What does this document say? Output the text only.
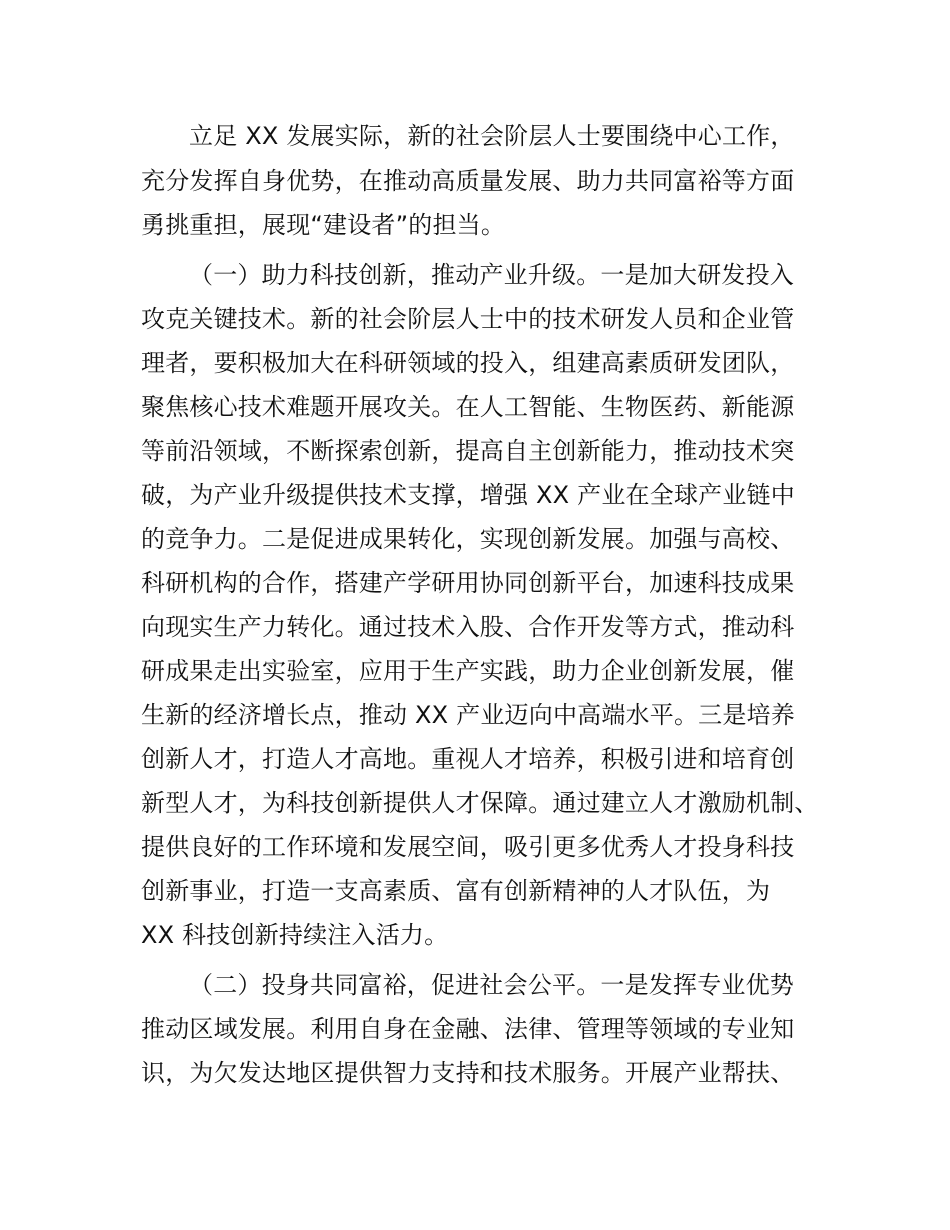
立足 XX 发展实际，新的社会阶层人士要围绕中心工作，
充分发挥自身优势，在推动高质量发展、助力共同富裕等方面
勇挑重担，展现“建设者”的担当。
（一）助力科技创新，推动产业升级。一是加大研发投入
攻克关键技术。新的社会阶层人士中的技术研发人员和企业管
理者，要积极加大在科研领域的投入，组建高素质研发团队，
聚焦核心技术难题开展攻关。在人工智能、生物医药、新能源
等前沿领域，不断探索创新，提高自主创新能力，推动技术突
破，为产业升级提供技术支撑，增强 XX 产业在全球产业链中
的竞争力。二是促进成果转化，实现创新发展。加强与高校、
科研机构的合作，搭建产学研用协同创新平台，加速科技成果
向现实生产力转化。通过技术入股、合作开发等方式，推动科
研成果走出实验室，应用于生产实践，助力企业创新发展，催
生新的经济增长点，推动 XX 产业迈向中高端水平。三是培养
创新人才，打造人才高地。重视人才培养，积极引进和培育创
新型人才，为科技创新提供人才保障。通过建立人才激励机制、
提供良好的工作环境和发展空间，吸引更多优秀人才投身科技
创新事业，打造一支高素质、富有创新精神的人才队伍，为
XX 科技创新持续注入活力。
（二）投身共同富裕，促进社会公平。一是发挥专业优势
推动区域发展。利用自身在金融、法律、管理等领域的专业知
识，为欠发达地区提供智力支持和技术服务。开展产业帮扶、
